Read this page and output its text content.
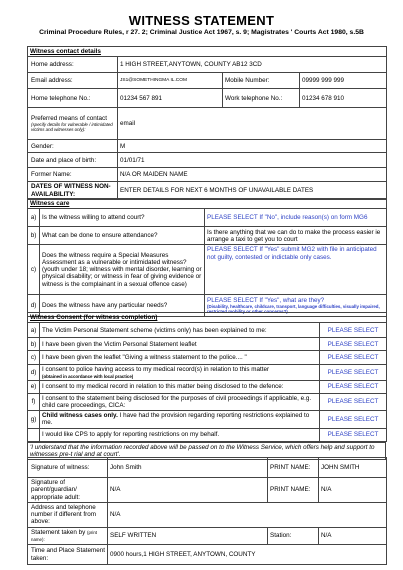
WITNESS STATEMENT
Criminal Procedure Rules, r 27. 2; Criminal Justice Act 1967, s. 9; Magistrates ' Courts Act 1980, s.5B
Witness contact details			
Home address:	1 HIGH STREET,ANYTOWN, COUNTY AB12 3CD		
Email address:	JS1@SOMETHINGMA IL.COM	Mobile Number:	09999 999 999
Home telephone No.:	01234 567 891	Work telephone No.:	01234 678 910

Preferred means of contact
(specify details for vulnerable / intimidated victims and witnesses only):	email		
Gender:	M		
Date and place of birth:	01/01/71		
Former Name:	N/A OR MAIDEN NAME		
DATES OF WITNESS NON-AVAILABILITY:	ENTER DETAILS FOR NEXT 6 MONTHS OF UNAVAILABLE DATES		
Witness care		
a)	Is the witness willing to attend court?	PLEASE SELECT If "No", include reason(s) on form MG6
b)	What can be done to ensure attendance?	Is there anything that we can do to make the process easier ie arrange a taxi to get you to court
c)	Does the witness require a Special Measures Assessment as a vulnerable or intimidated witness? (youth under 18; witness with mental disorder, learning or physical disability; or witness in fear of giving evidence or witness is the complainant in a sexual offence case)	PLEASE SELECT If "Yes" submit MG2 with file in anticipated not guilty, contested or indictable only cases.
d)	Does the witness have any particular needs?	PLEASE SELECT If "Yes", what are they?
(Disability, healthcare, childcare, transport, language difficulties, visually impaired, restricted mobility or other concerns?)
Witness Consent (for witness completion)		
a)	The Victim Personal Statement scheme (victims only) has been explained to me:	PLEASE SELECT
b)	I have been given the Victim Personal Statement leaflet	PLEASE SELECT
c)	I have been given the leaflet "Giving a witness statement to the police.... "	PLEASE SELECT
d)	I consent to police having access to my medical record(s) in relation to this matter
(obtained in accordance with local practice)	PLEASE SELECT
e)	I consent to my medical record in relation to this matter being disclosed to the defence:	PLEASE SELECT
f)	I consent to the statement being disclosed for the purposes of civil proceedings if applicable, e.g. child care proceedings, CICA:	PLEASE SELECT
g)	Child witness cases only. I have had the provision regarding reporting restrictions explained to me.	PLEASE SELECT
	I would like CPS to apply for reporting restrictions on my behalf.	PLEASE SELECT
'I understand that the information recorded above will be passed on to the Witness Service, which offers help and support to witnesses pre-t rial and at court'.
Signature of witness:	John Smith	PRINT NAME:	JOHN SMITH
Signature of parent/guardian/ appropriate adult:	N/A	PRINT NAME:	N/A
Address and telephone number if different from above:	N/A		
Statement taken by (print name):	SELF WRITTEN	Station:	N/A
Time and Place Statement taken:	0900 hours,1 HIGH STREET, ANYTOWN, COUNTY		
